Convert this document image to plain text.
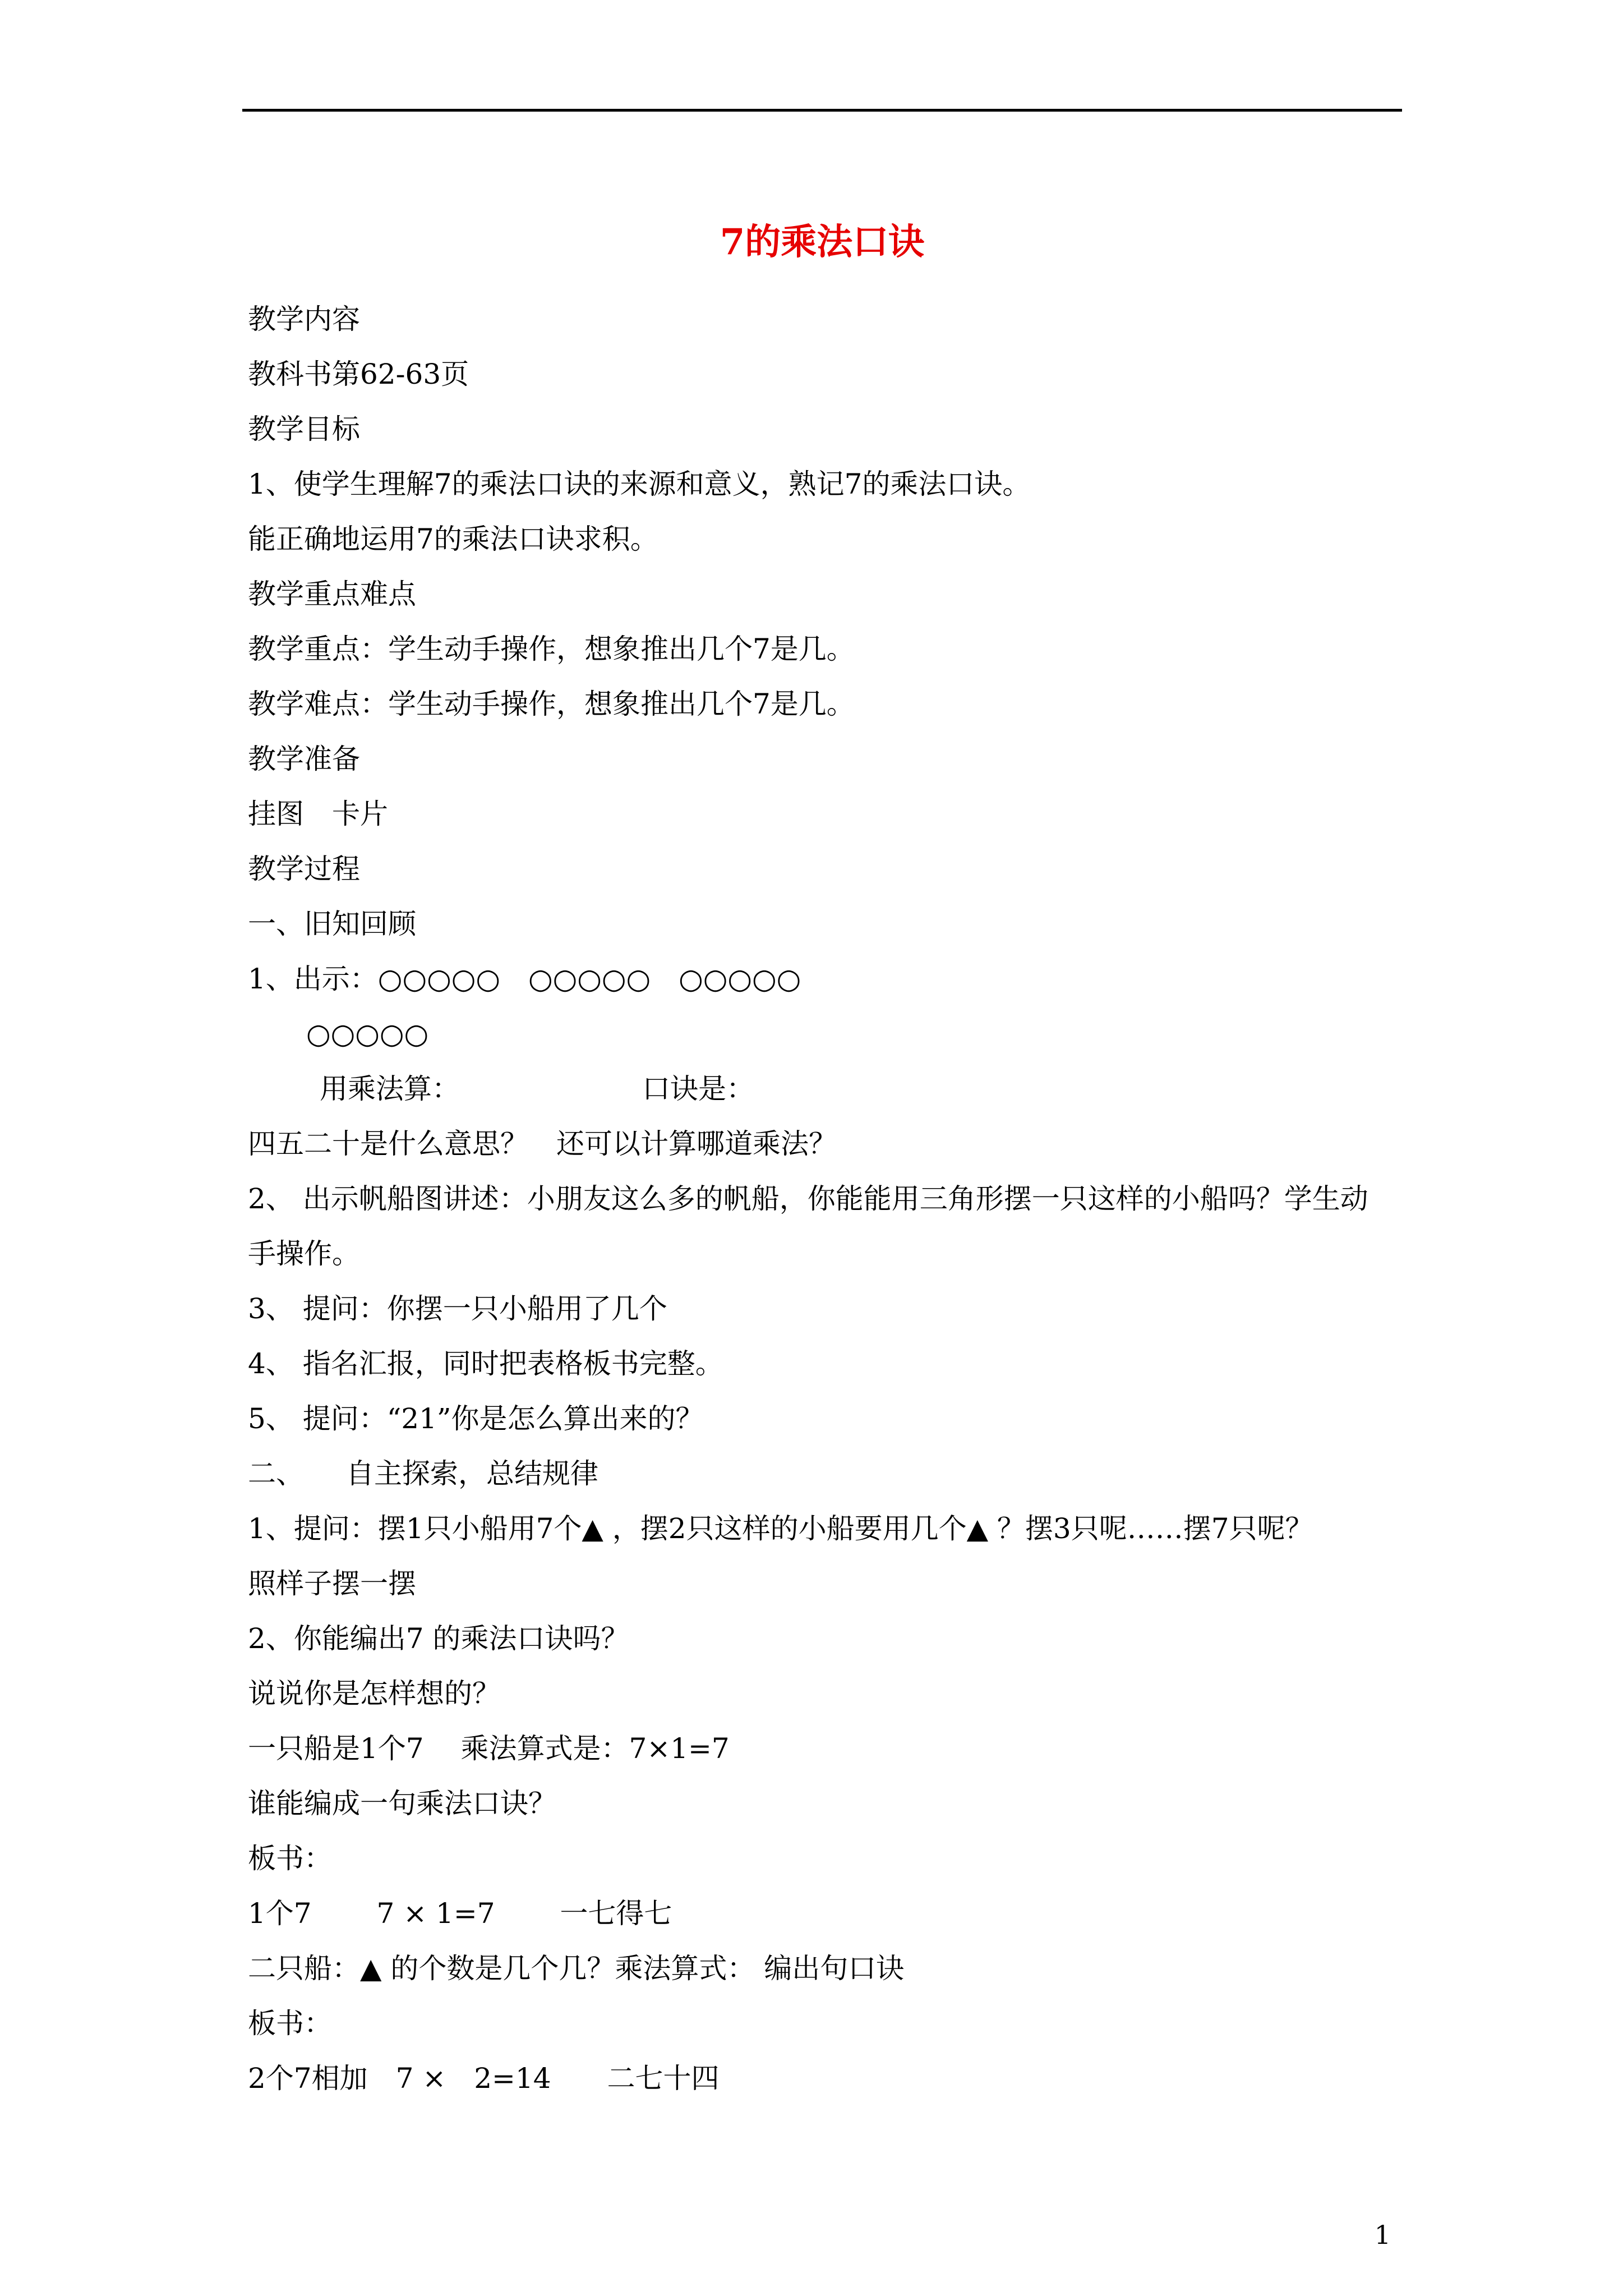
7的乘法口诀
教学内容
教科书第62-63页
教学目标
1、使学生理解7的乘法口诀的来源和意义，熟记7的乘法口诀。
能正确地运用7的乘法口诀求积。
教学重点难点
教学重点：学生动手操作，想象推出几个7是几。
教学难点：学生动手操作，想象推出几个7是几。
教学准备
挂图　卡片
教学过程
一、旧知回顾
1、出示：○○○○○　○○○○○　○○○○○
○○○○○
用乘法算：　　　　　　　口诀是：
四五二十是什么意思？　还可以计算哪道乘法？
2、 出示帆船图讲述：小朋友这么多的帆船，你能能用三角形摆一只这样的小船吗？学生动
手操作。
3、 提问：你摆一只小船用了几个
4、 指名汇报，同时把表格板书完整。
5、 提问：“21”你是怎么算出来的？
二、　　自主探索，总结规律
1、提问：摆1只小船用7个▲ ，摆2只这样的小船要用几个▲ ？摆3只呢……摆7只呢？
照样子摆一摆
2、你能编出7 的乘法口诀吗？
说说你是怎样想的？
一只船是1个7　 乘法算式是：7×1=7
谁能编成一句乘法口诀？
板书：
1个7　　 7 × 1=7　　 一七得七
二只船：▲ 的个数是几个几？乘法算式： 编出句口诀
板书：
2个7相加　7 ×　2=14　　二七十四
1
